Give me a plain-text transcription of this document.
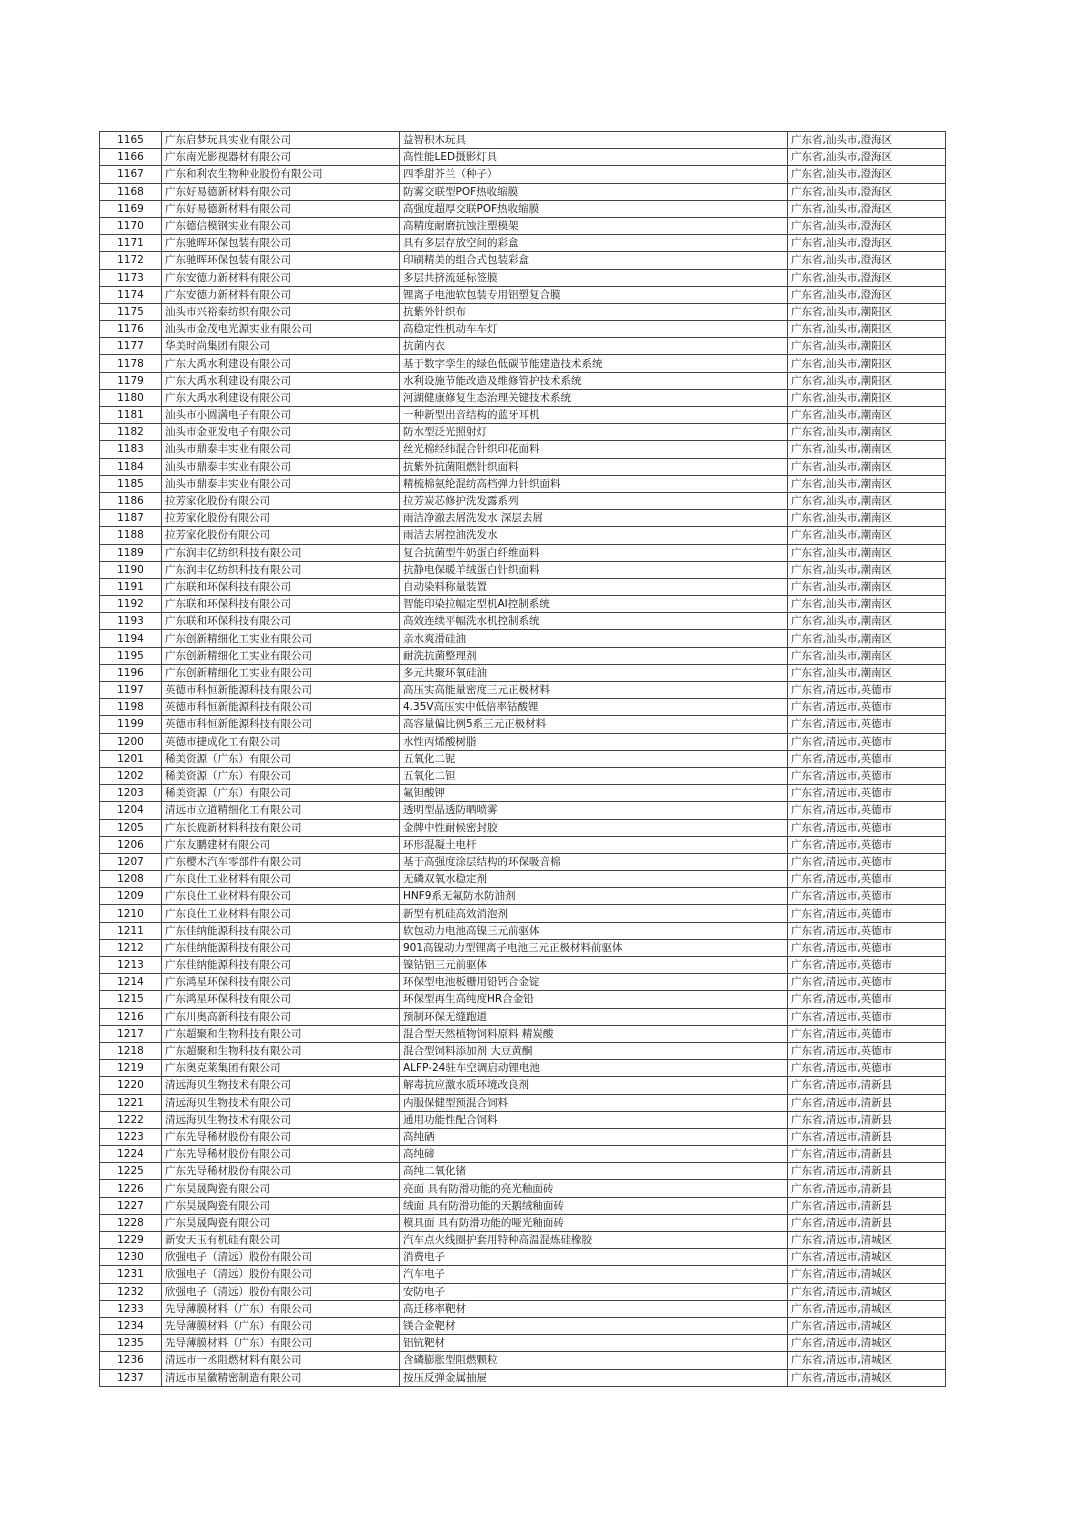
1165	广东启梦玩具实业有限公司	益智积木玩具	广东省,汕头市,澄海区
1166	广东南光影视器材有限公司	高性能LED摄影灯具	广东省,汕头市,澄海区
1167	广东和利农生物种业股份有限公司	四季甜芥兰（种子）	广东省,汕头市,澄海区
1168	广东好易德新材料有限公司	防雾交联型POF热收缩膜	广东省,汕头市,澄海区
1169	广东好易德新材料有限公司	高强度超厚交联POF热收缩膜	广东省,汕头市,澄海区
1170	广东德信模钢实业有限公司	高精度耐磨抗蚀注塑模架	广东省,汕头市,澄海区
1171	广东驰晖环保包装有限公司	具有多层存放空间的彩盒	广东省,汕头市,澄海区
1172	广东驰晖环保包装有限公司	印刷精美的组合式包装彩盒	广东省,汕头市,澄海区
1173	广东安德力新材料有限公司	多层共挤流延标签膜	广东省,汕头市,澄海区
1174	广东安德力新材料有限公司	锂离子电池软包装专用铝塑复合膜	广东省,汕头市,澄海区
1175	汕头市兴裕泰纺织有限公司	抗紫外针织布	广东省,汕头市,潮阳区
1176	汕头市金茂电光源实业有限公司	高稳定性机动车车灯	广东省,汕头市,潮阳区
1177	华美时尚集团有限公司	抗菌内衣	广东省,汕头市,潮阳区
1178	广东大禹水利建设有限公司	基于数字孪生的绿色低碳节能建造技术系统	广东省,汕头市,潮阳区
1179	广东大禹水利建设有限公司	水利设施节能改造及维修管护技术系统	广东省,汕头市,潮阳区
1180	广东大禹水利建设有限公司	河湖健康修复生态治理关键技术系统	广东省,汕头市,潮阳区
1181	汕头市小圆满电子有限公司	一种新型出音结构的蓝牙耳机	广东省,汕头市,潮南区
1182	汕头市金亚发电子有限公司	防水型泛光照射灯	广东省,汕头市,潮南区
1183	汕头市鼎泰丰实业有限公司	丝光棉经纬混合针织印花面料	广东省,汕头市,潮南区
1184	汕头市鼎泰丰实业有限公司	抗紫外抗菌阻燃针织面料	广东省,汕头市,潮南区
1185	汕头市鼎泰丰实业有限公司	精梳棉氨纶混纺高档弹力针织面料	广东省,汕头市,潮南区
1186	拉芳家化股份有限公司	拉芳炭芯修护洗发露系列	广东省,汕头市,潮南区
1187	拉芳家化股份有限公司	雨洁净澈去屑洗发水 深层去屑	广东省,汕头市,潮南区
1188	拉芳家化股份有限公司	雨洁去屑控油洗发水	广东省,汕头市,潮南区
1189	广东润丰亿纺织科技有限公司	复合抗菌型牛奶蛋白纤维面料	广东省,汕头市,潮南区
1190	广东润丰亿纺织科技有限公司	抗静电保暖羊绒蛋白针织面料	广东省,汕头市,潮南区
1191	广东联和环保科技有限公司	自动染料称量装置	广东省,汕头市,潮南区
1192	广东联和环保科技有限公司	智能印染拉幅定型机AI控制系统	广东省,汕头市,潮南区
1193	广东联和环保科技有限公司	高效连续平幅洗水机控制系统	广东省,汕头市,潮南区
1194	广东创新精细化工实业有限公司	亲水爽滑硅油	广东省,汕头市,潮南区
1195	广东创新精细化工实业有限公司	耐洗抗菌整理剂	广东省,汕头市,潮南区
1196	广东创新精细化工实业有限公司	多元共聚环氧硅油	广东省,汕头市,潮南区
1197	英德市科恒新能源科技有限公司	高压实高能量密度三元正极材料	广东省,清远市,英德市
1198	英德市科恒新能源科技有限公司	4.35V高压实中低倍率钴酸锂	广东省,清远市,英德市
1199	英德市科恒新能源科技有限公司	高容量偏比例5系三元正极材料	广东省,清远市,英德市
1200	英德市捷成化工有限公司	水性丙烯酸树脂	广东省,清远市,英德市
1201	稀美资源（广东）有限公司	五氧化二铌	广东省,清远市,英德市
1202	稀美资源（广东）有限公司	五氧化二钽	广东省,清远市,英德市
1203	稀美资源（广东）有限公司	氟钽酸钾	广东省,清远市,英德市
1204	清远市立道精细化工有限公司	透明型晶透防晒喷雾	广东省,清远市,英德市
1205	广东长鹿新材料科技有限公司	金牌中性耐候密封胶	广东省,清远市,英德市
1206	广东友鹏建材有限公司	环形混凝土电杆	广东省,清远市,英德市
1207	广东樱木汽车零部件有限公司	基于高强度涂层结构的环保吸音棉	广东省,清远市,英德市
1208	广东良仕工业材料有限公司	无磷双氧水稳定剂	广东省,清远市,英德市
1209	广东良仕工业材料有限公司	HNF9系无氟防水防油剂	广东省,清远市,英德市
1210	广东良仕工业材料有限公司	新型有机硅高效消泡剂	广东省,清远市,英德市
1211	广东佳纳能源科技有限公司	软包动力电池高镍三元前驱体	广东省,清远市,英德市
1212	广东佳纳能源科技有限公司	901高镍动力型锂离子电池三元正极材料前驱体	广东省,清远市,英德市
1213	广东佳纳能源科技有限公司	镍钴铝三元前驱体	广东省,清远市,英德市
1214	广东鸿星环保科技有限公司	环保型电池板栅用铅钙合金锭	广东省,清远市,英德市
1215	广东鸿星环保科技有限公司	环保型再生高纯度HR合金铅	广东省,清远市,英德市
1216	广东川奥高新科技有限公司	预制环保无缝跑道	广东省,清远市,英德市
1217	广东超聚和生物科技有限公司	混合型天然植物饲料原料 精炭酸	广东省,清远市,英德市
1218	广东超聚和生物科技有限公司	混合型饲料添加剂 大豆黄酮	广东省,清远市,英德市
1219	广东奥克莱集团有限公司	ALFP-24驻车空调启动锂电池	广东省,清远市,英德市
1220	清远海贝生物技术有限公司	解毒抗应激水质环境改良剂	广东省,清远市,清新县
1221	清远海贝生物技术有限公司	内服保健型预混合饲料	广东省,清远市,清新县
1222	清远海贝生物技术有限公司	通用功能性配合饲料	广东省,清远市,清新县
1223	广东先导稀材股份有限公司	高纯硒	广东省,清远市,清新县
1224	广东先导稀材股份有限公司	高纯碲	广东省,清远市,清新县
1225	广东先导稀材股份有限公司	高纯二氧化锗	广东省,清远市,清新县
1226	广东昊晟陶瓷有限公司	亮面 具有防滑功能的亮光釉面砖	广东省,清远市,清新县
1227	广东昊晟陶瓷有限公司	绒面 具有防滑功能的天鹅绒釉面砖	广东省,清远市,清新县
1228	广东昊晟陶瓷有限公司	模具面 具有防滑功能的哑光釉面砖	广东省,清远市,清新县
1229	新安天玉有机硅有限公司	汽车点火线圈护套用特种高温混炼硅橡胶	广东省,清远市,清城区
1230	欣强电子（清远）股份有限公司	消费电子	广东省,清远市,清城区
1231	欣强电子（清远）股份有限公司	汽车电子	广东省,清远市,清城区
1232	欣强电子（清远）股份有限公司	安防电子	广东省,清远市,清城区
1233	先导薄膜材料（广东）有限公司	高迁移率靶材	广东省,清远市,清城区
1234	先导薄膜材料（广东）有限公司	镁合金靶材	广东省,清远市,清城区
1235	先导薄膜材料（广东）有限公司	铝钪靶材	广东省,清远市,清城区
1236	清远市一丞阻燃材料有限公司	含磷膨胀型阻燃颗粒	广东省,清远市,清城区
1237	清远市星徽精密制造有限公司	按压反弹金属抽屉	广东省,清远市,清城区
